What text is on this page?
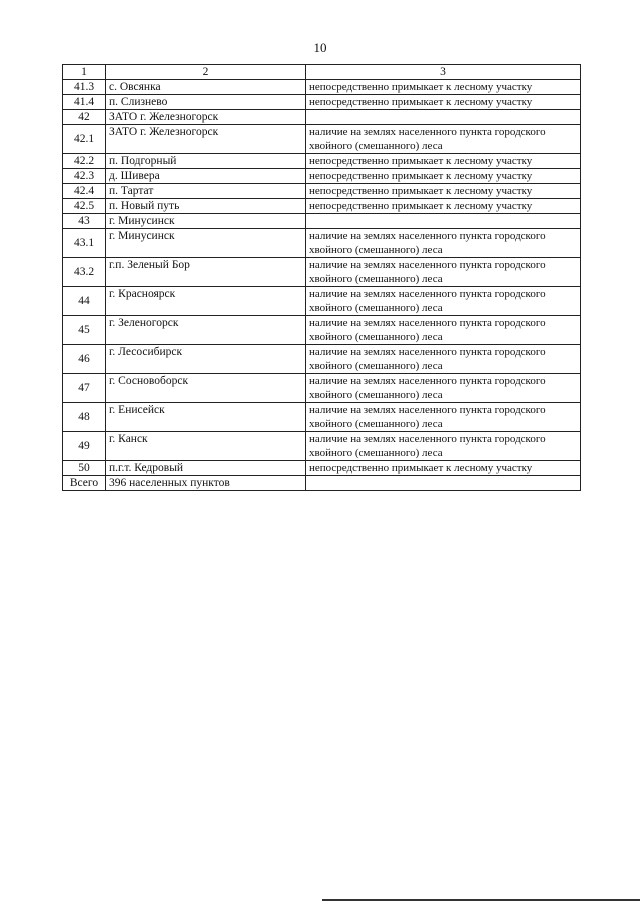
10
1	2	3
41.3	с. Овсянка	непосредственно примыкает к лесному участку
41.4	п. Слизнево	непосредственно примыкает к лесному участку
42	ЗАТО г. Железногорск	
42.1	ЗАТО г. Железногорск	наличие на землях населенного пункта городского хвойного (смешанного) леса
42.2	п. Подгорный	непосредственно примыкает к лесному участку
42.3	д. Шивера	непосредственно примыкает к лесному участку
42.4	п. Тартат	непосредственно примыкает к лесному участку
42.5	п. Новый путь	непосредственно примыкает к лесному участку
43	г. Минусинск	
43.1	г. Минусинск	наличие на землях населенного пункта городского хвойного (смешанного) леса
43.2	г.п. Зеленый Бор	наличие на землях населенного пункта городского хвойного (смешанного) леса
44	г. Красноярск	наличие на землях населенного пункта городского хвойного (смешанного) леса
45	г. Зеленогорск	наличие на землях населенного пункта городского хвойного (смешанного) леса
46	г. Лесосибирск	наличие на землях населенного пункта городского хвойного (смешанного) леса
47	г. Сосновоборск	наличие на землях населенного пункта городского хвойного (смешанного) леса
48	г. Енисейск	наличие на землях населенного пункта городского хвойного (смешанного) леса
49	г. Канск	наличие на землях населенного пункта городского хвойного (смешанного) леса
50	п.г.т. Кедровый	непосредственно примыкает к лесному участку
Всего	396 населенных пунктов	
